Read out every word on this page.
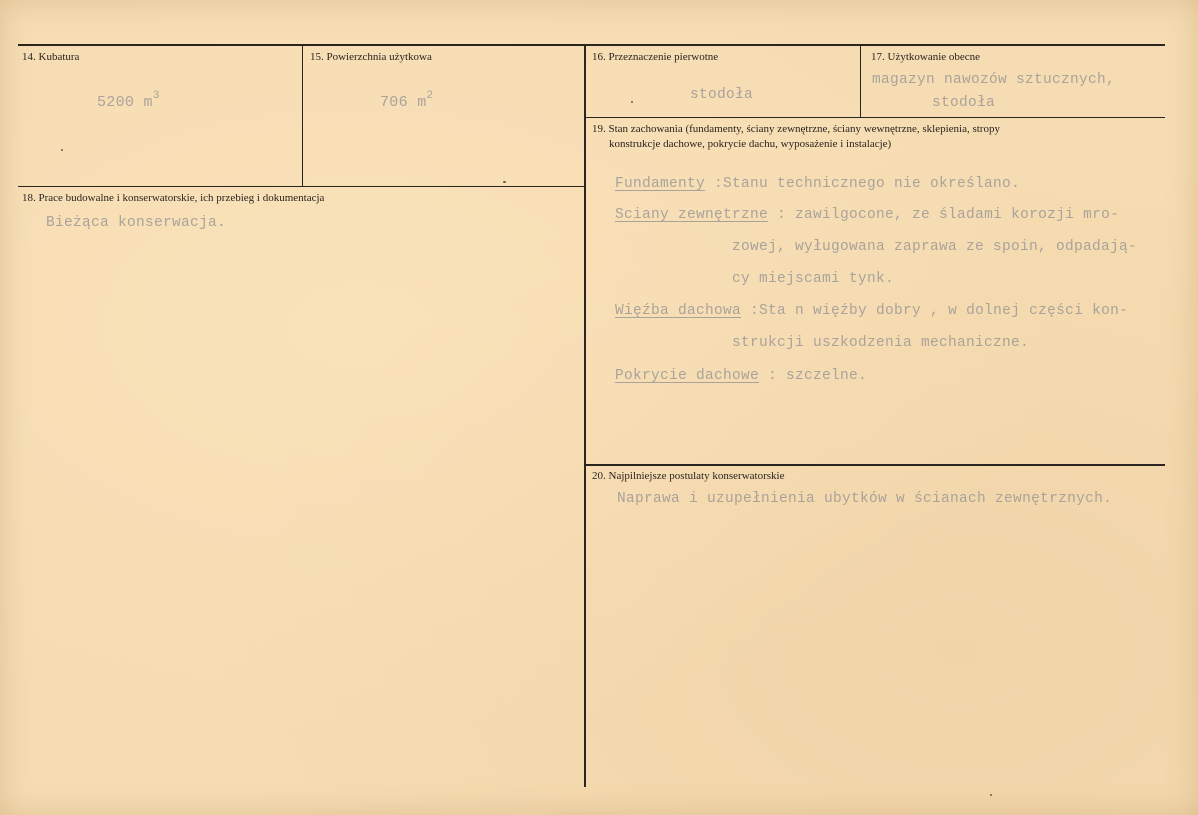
14. Kubatura
5200 $m^3$
15. Powierzchnia użytkowa
706 $m^2$
16. Przeznaczenie pierwotne
stodoła
17. Użytkowanie obecne
magazyn nawozów sztucznych,
stodoła
18. Prace budowalne i konserwatorskie, ich przebieg i dokumentacja
Bieżąca konserwacja.
19. Stan zachowania (fundamenty, ściany zewnętrzne, ściany wewnętrzne, sklepienia, stropy
konstrukcje dachowe, pokrycie dachu, wyposażenie i instalacje)
Fundamenty :Stanu technicznego nie określano.
Sciany zewnętrzne : zawilgocone, ze śladami korozji mro-
zowej, wyługowana zaprawa ze spoin, odpadają-
cy miejscami tynk.
Więźba dachowa :Sta n więźby dobry , w dolnej części kon-
strukcji uszkodzenia mechaniczne.
Pokrycie dachowe : szczelne.
20. Najpilniejsze postulaty konserwatorskie
Naprawa i uzupełnienia ubytków w ścianach zewnętrznych.
